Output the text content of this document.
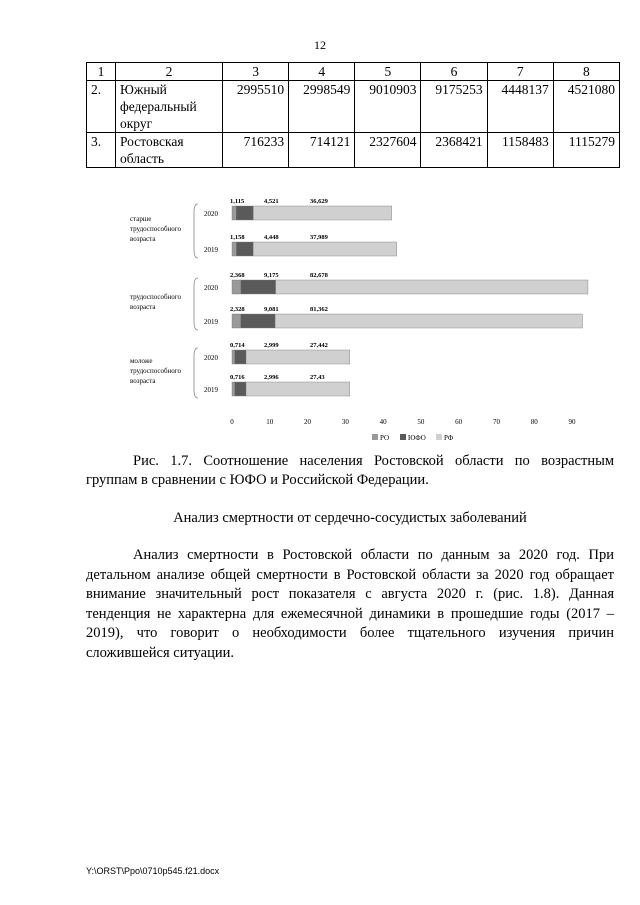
12
1	2	3	4	5	6	7	8
2.	Южный федеральный округ	2995510	2998549	9010903	9175253	4448137	4521080
3.	Ростовская область	716233	714121	2327604	2368421	1158483	1115279
старше
трудоспособного
возраста
2020
1,115	4,521	36,629
2019
1,158	4,448	37,989
трудоспособного
возраста
2020
2,368	9,175	82,678
2019
2,328	9,081	81,362
моложе
трудоспособного
возраста
2020
0,714	2,999	27,442
2019
0,716	2,996	27,43
0	10	20	30	40	50	60	70	80	90
РО	ЮФО	РФ
Рис. 1.7. Соотношение населения Ростовской области по возрастным группам в сравнении с ЮФО и Российской Федерации.
Анализ смертности от сердечно-сосудистых заболеваний
Анализ смертности в Ростовской области по данным за 2020 год. При детальном анализе общей смертности в Ростовской области за 2020 год обращает внимание значительный рост показателя с августа 2020 г. (рис. 1.8). Данная тенденция не характерна для ежемесячной динамики в прошедшие годы (2017 – 2019), что говорит о необходимости более тщательного изучения причин сложившейся ситуации.
Y:\ORST\Ppo\0710p545.f21.docx
